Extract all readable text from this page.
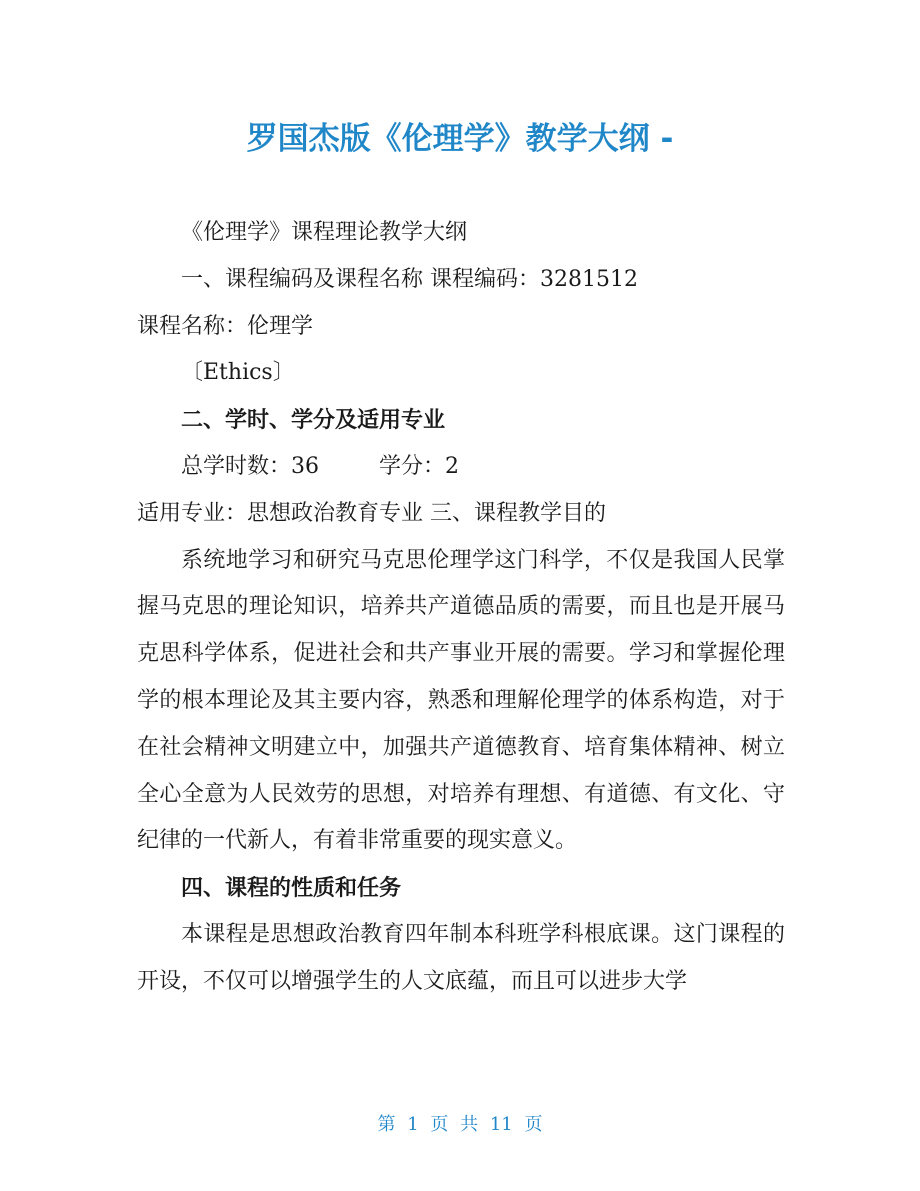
罗国杰版《伦理学》教学大纲 -

《伦理学》课程理论教学大纲

一、课程编码及课程名称 课程编码：3281512

课程名称：伦理学

〔Ethics〕

二、学时、学分及适用专业

总学时数：36	学分：2

适用专业：思想政治教育专业 三、课程教学目的

系统地学习和研究马克思伦理学这门科学，不仅是我国人民掌握马克思的理论知识，培养共产道德品质的需要，而且也是开展马克思科学体系，促进社会和共产事业开展的需要。学习和掌握伦理学的根本理论及其主要内容，熟悉和理解伦理学的体系构造，对于在社会精神文明建立中，加强共产道德教育、培育集体精神、树立全心全意为人民效劳的思想，对培养有理想、有道德、有文化、守纪律的一代新人，有着非常重要的现实意义。

四、课程的性质和任务

本课程是思想政治教育四年制本科班学科根底课。这门课程的开设，不仅可以增强学生的人文底蕴，而且可以进步大学

第 1 页 共 11 页
